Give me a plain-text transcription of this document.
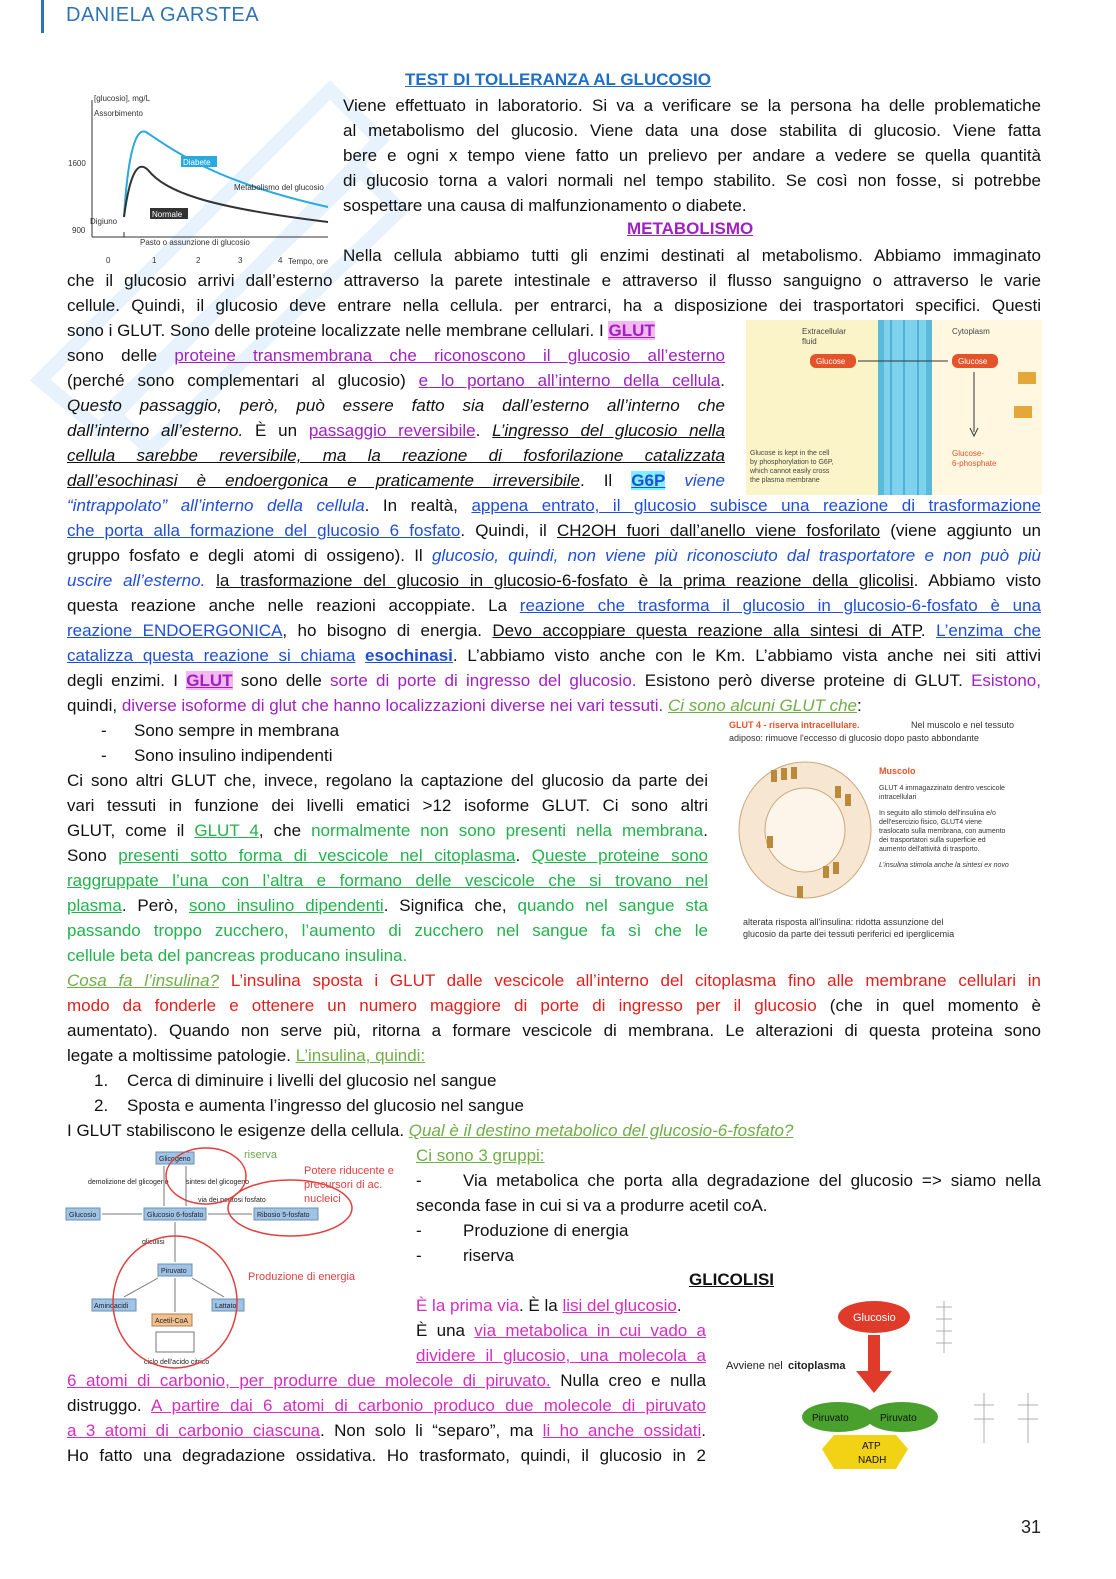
DANIELA GARSTEA
[glucosio], mg/L
Assorbimento
1600
900
Digiuno
Diabete
Normale
Metabolismo del glucosio
Pasto o assunzione di glucosio
0	1	2	3	4 Tempo, ore
TEST DI TOLLERANZA AL GLUCOSIO
Viene effettuato in laboratorio. Si va a verificare se la persona ha delle problematiche
al metabolismo del glucosio. Viene data una dose stabilita di glucosio. Viene fatta
bere e ogni x tempo viene fatto un prelievo per andare a vedere se quella quantità
di glucosio torna a valori normali nel tempo stabilito. Se così non fosse, si potrebbe
sospettare una causa di malfunzionamento o diabete.
METABOLISMO
Nella cellula abbiamo tutti gli enzimi destinati al metabolismo. Abbiamo immaginato
che il glucosio arrivi dall’esterno attraverso la parete intestinale e attraverso il flusso sanguigno o attraverso le varie
cellule. Quindi, il glucosio deve entrare nella cellula. per entrarci, ha a disposizione dei trasportatori specifici. Questi
Extracellular
fluid
Cytoplasm
Glucose	Glucose
Glucose-
6-phosphate
Glucose is kept in the cell
by phosphorylation to G6P,
which cannot easily cross
the plasma membrane
sono i GLUT. Sono delle proteine localizzate nelle membrane cellulari. I GLUT
sono delle proteine transmembrana che riconoscono il glucosio all’esterno
(perché sono complementari al glucosio) e lo portano all’interno della cellula.
Questo passaggio, però, può essere fatto sia dall’esterno all’interno che
dall’interno all’esterno. È un passaggio reversibile. L’ingresso del glucosio nella
cellula sarebbe reversibile, ma la reazione di fosforilazione catalizzata
dall’esochinasi è endoergonica e praticamente irreversibile. Il G6P viene
“intrappolato” all’interno della cellula. In realtà, appena entrato, il glucosio subisce una reazione di trasformazione
che porta alla formazione del glucosio 6 fosfato. Quindi, il CH2OH fuori dall’anello viene fosforilato (viene aggiunto un
gruppo fosfato e degli atomi di ossigeno). Il glucosio, quindi, non viene più riconosciuto dal trasportatore e non può più
uscire all’esterno. la trasformazione del glucosio in glucosio-6-fosfato è la prima reazione della glicolisi. Abbiamo visto
questa reazione anche nelle reazioni accoppiate. La reazione che trasforma il glucosio in glucosio-6-fosfato è una
reazione ENDOERGONICA, ho bisogno di energia. Devo accoppiare questa reazione alla sintesi di ATP. L’enzima che
catalizza questa reazione si chiama esochinasi. L’abbiamo visto anche con le Km. L’abbiamo vista anche nei siti attivi
degli enzimi. I GLUT sono delle sorte di porte di ingresso del glucosio. Esistono però diverse proteine di GLUT. Esistono,
quindi, diverse isoforme di glut che hanno localizzazioni diverse nei vari tessuti. Ci sono alcuni GLUT che:
GLUT 4 - riserva intracellulare.	Nel muscolo e nel tessuto
adiposo: rimuove l'eccesso di glucosio dopo pasto abbondante
Muscolo
GLUT 4 immagazzinato dentro vescicole
intracellulari
In seguito allo stimolo dell'insulina e/o
dell'esercizio fisico, GLUT4 viene
traslocato sulla membrana, con aumento
dei trasportatori sulla superficie ed
aumento dell'attività di trasporto.
L'insulina stimola anche la sintesi ex novo
alterata risposta all'insulina: ridotta assunzione del
glucosio da parte dei tessuti periferici ed iperglicemia
- Sono sempre in membrana
- Sono insulino indipendenti
Ci sono altri GLUT che, invece, regolano la captazione del glucosio da parte dei
vari tessuti in funzione dei livelli ematici >12 isoforme GLUT. Ci sono altri
GLUT, come il GLUT 4, che normalmente non sono presenti nella membrana.
Sono presenti sotto forma di vescicole nel citoplasma. Queste proteine sono
raggruppate l’una con l’altra e formano delle vescicole che si trovano nel
plasma. Però, sono insulino dipendenti. Significa che, quando nel sangue sta
passando troppo zucchero, l’aumento di zucchero nel sangue fa sì che le
cellule beta del pancreas producano insulina.
Cosa fa l’insulina? L’insulina sposta i GLUT dalle vescicole all’interno del citoplasma fino alle membrane cellulari in
modo da fonderle e ottenere un numero maggiore di porte di ingresso per il glucosio (che in quel momento è
aumentato). Quando non serve più, ritorna a formare vescicole di membrana. Le alterazioni di questa proteina sono
legate a moltissime patologie. L’insulina, quindi:
1. Cerca di diminuire i livelli del glucosio nel sangue
2. Sposta e aumenta l’ingresso del glucosio nel sangue
I GLUT stabiliscono le esigenze della cellula. Qual è il destino metabolico del glucosio-6-fosfato?
Glicogeno
Glucosio	Glucosio 6-fosfato	Ribosio 5-fosfato
Piruvato
Aminoacidi	Lattato
Acetil-CoA
demolizione del glicogeno sintesi del glicogeno
via dei pentosi fosfato
glicolisi
ciclo dell'acido citrico
riserva
Potere riducente e
precursori di ac.
nucleici
Produzione di energia
Ci sono 3 gruppi:
- Via metabolica che porta alla degradazione del glucosio => siamo nella
seconda fase in cui si va a produrre acetil coA.
- Produzione di energia
- riserva
GLICOLISI
Glucosio
Avviene nel citoplasma
Piruvato	Piruvato
ATP
NADH
È la prima via. È la lisi del glucosio.
È una via metabolica in cui vado a
dividere il glucosio, una molecola a
6 atomi di carbonio, per produrre due molecole di piruvato. Nulla creo e nulla
distruggo. A partire dai 6 atomi di carbonio produco due molecole di piruvato
a 3 atomi di carbonio ciascuna. Non solo li “separo”, ma li ho anche ossidati.
Ho fatto una degradazione ossidativa. Ho trasformato, quindi, il glucosio in 2
31
